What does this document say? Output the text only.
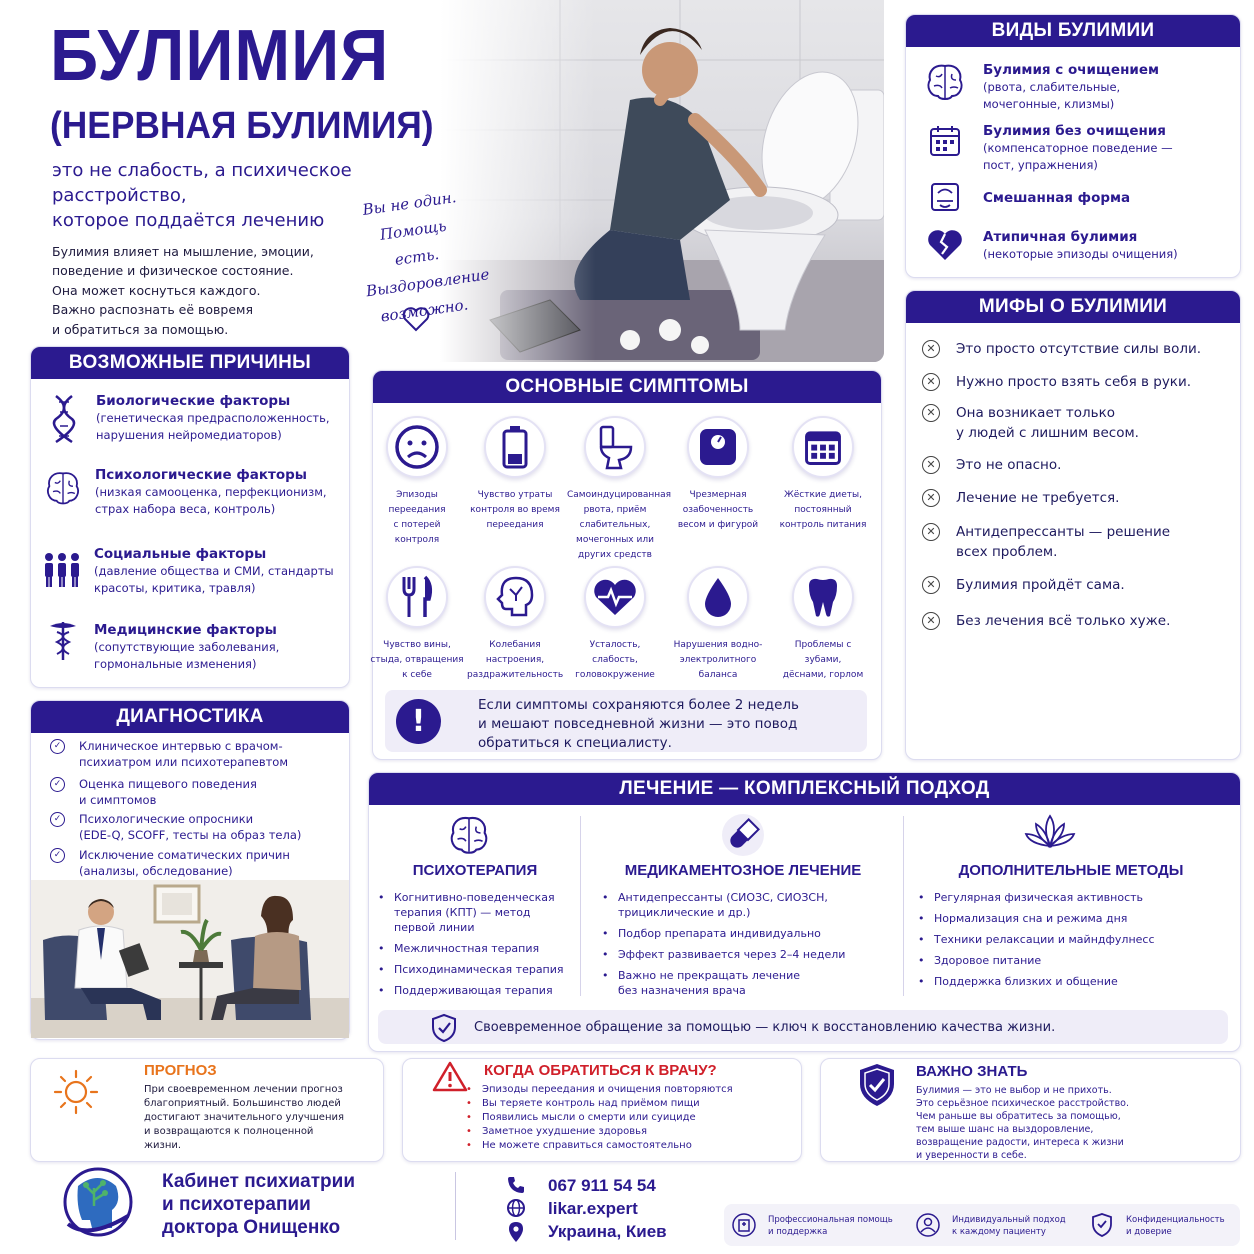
БУЛИМИЯ
(НЕРВНАЯ БУЛИМИЯ)
это не слабость, а психическое
расстройство,
которое поддаётся лечению
Булимия влияет на мышление, эмоции,
поведение и физическое состояние.
Она может коснуться каждого.
Важно распознать её вовремя
и обратиться за помощью.
Вы не один.
Помощь есть.
Выздоровление
возможно.
ВИДЫ БУЛИМИИ
Булимия с очищением
(рвота, слабительные,
мочегонные, клизмы)
Булимия без очищения
(компенсаторное поведение —
пост, упражнения)
Смешанная форма
Атипичная булимия
(некоторые эпизоды очищения)
МИФЫ О БУЛИМИИ
✕	Это просто отсутствие силы воли.
✕	Нужно просто взять себя в руки.
✕	Она возникает только
у людей с лишним весом.
✕	Это не опасно.
✕	Лечение не требуется.
✕	Антидепрессанты — решение
всех проблем.
✕	Булимия пройдёт сама.
✕	Без лечения всё только хуже.
ВОЗМОЖНЫЕ ПРИЧИНЫ
Биологические факторы
(генетическая предрасположенность,
нарушения нейромедиаторов)
Психологические факторы
(низкая самооценка, перфекционизм,
страх набора веса, контроль)
Социальные факторы
(давление общества и СМИ, стандарты
красоты, критика, травля)
Медицинские факторы
(сопутствующие заболевания,
гормональные изменения)
ОСНОВНЫЕ СИМПТОМЫ
Эпизоды
переедания
с потерей
контроля
Чувство утраты
контроля во время
переедания
Самоиндуцированная
рвота, приём
слабительных,
мочегонных или
других средств
Чрезмерная
озабоченность
весом и фигурой
Жёсткие диеты,
постоянный
контроль питания
Чувство вины,
стыда, отвращения
к себе
Колебания
настроения,
раздражительность
Усталость,
слабость,
головокружение
Нарушения водно-
электролитного
баланса
Проблемы с зубами,
дёснами, горлом
!	Если симптомы сохраняются более 2 недель
и мешают повседневной жизни — это повод
обратиться к специалисту.
ДИАГНОСТИКА
✓	Клиническое интервью с врачом-
психиатром или психотерапевтом
✓	Оценка пищевого поведения
и симптомов
✓	Психологические опросники
(EDE-Q, SCOFF, тесты на образ тела)
✓	Исключение соматических причин
(анализы, обследование)
ЛЕЧЕНИЕ — КОМПЛЕКСНЫЙ ПОДХОД
ПСИХОТЕРАПИЯ
• Когнитивно-поведенческая
терапия (КПТ) — метод
первой линии
• Межличностная терапия
• Психодинамическая терапия
• Поддерживающая терапия
МЕДИКАМЕНТОЗНОЕ ЛЕЧЕНИЕ
• Антидепрессанты (СИОЗС, СИОЗСН,
трициклические и др.)
• Подбор препарата индивидуально
• Эффект развивается через 2–4 недели
• Важно не прекращать лечение
без назначения врача
ДОПОЛНИТЕЛЬНЫЕ МЕТОДЫ
• Регулярная физическая активность
• Нормализация сна и режима дня
• Техники релаксации и майндфулнесс
• Здоровое питание
• Поддержка близких и общение
Своевременное обращение за помощью — ключ к восстановлению качества жизни.
ПРОГНОЗ
При своевременном лечении прогноз
благоприятный. Большинство людей
достигают значительного улучшения
и возвращаются к полноценной
жизни.
КОГДА ОБРАТИТЬСЯ К ВРАЧУ?
•	Эпизоды переедания и очищения повторяются
•	Вы теряете контроль над приёмом пищи
•	Появились мысли о смерти или суициде
•	Заметное ухудшение здоровья
•	Не можете справиться самостоятельно
ВАЖНО ЗНАТЬ
Булимия — это не выбор и не прихоть.
Это серьёзное психическое расстройство.
Чем раньше вы обратитесь за помощью,
тем выше шанс на выздоровление,
возвращение радости, интереса к жизни
и уверенности в себе.
Кабинет психиатрии
и психотерапии
доктора Онищенко
067 911 54 54
likar.expert
Украина, Киев
Профессиональная помощь
и поддержка
Индивидуальный подход
к каждому пациенту
Конфиденциальность
и доверие
